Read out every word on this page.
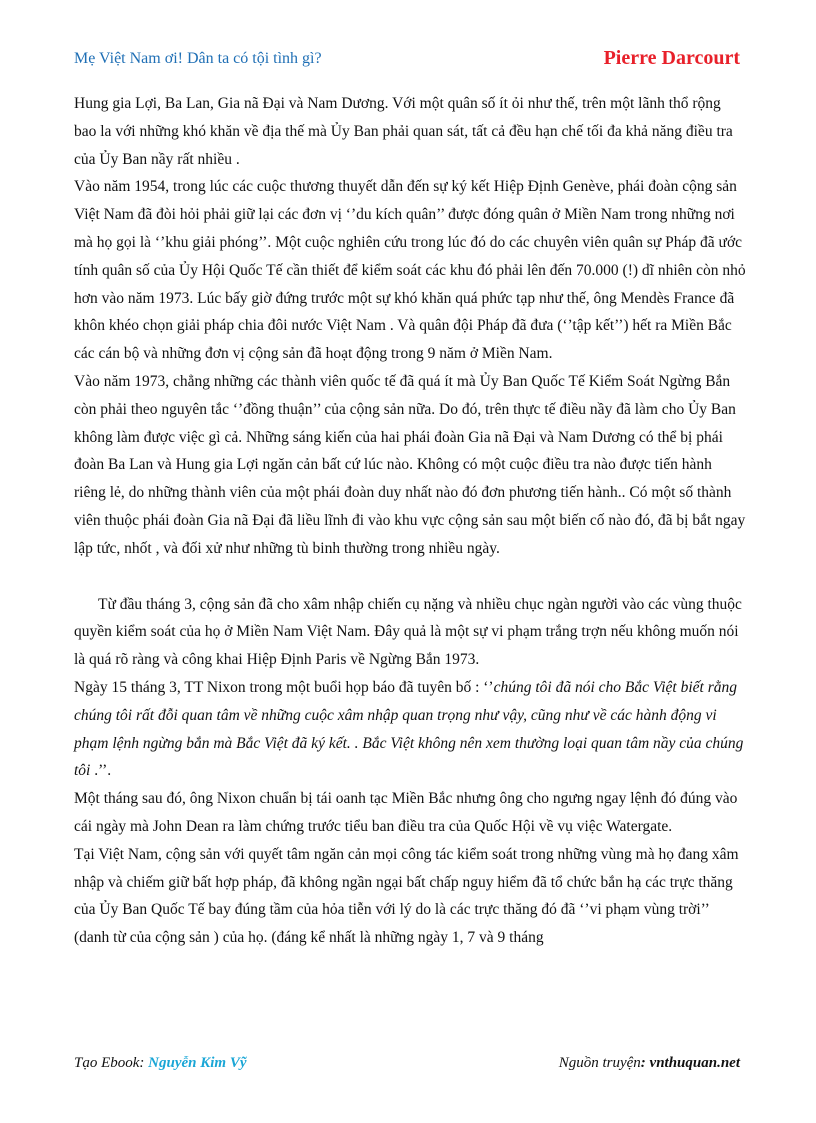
Mẹ Việt Nam ơi! Dân ta có tội tình gì?	Pierre Darcourt

Hung gia Lợi, Ba Lan, Gia nã Đại và Nam Dương. Với một quân số ít ỏi như thế, trên một lãnh thổ rộng bao la với những khó khăn về địa thế mà Ủy Ban phải quan sát, tất cả đều hạn chế tối đa khả năng điều tra của Ủy Ban nầy rất nhiều .

Vào năm 1954, trong lúc các cuộc thương thuyết dẫn đến sự ký kết Hiệp Định Genève, phái đoàn cộng sản Việt Nam đã đòi hỏi phải giữ lại các đơn vị ‘’du kích quân’’ được đóng quân ở Miền Nam trong những nơi mà họ gọi là ‘’khu giải phóng’’. Một cuộc nghiên cứu trong lúc đó do các chuyên viên quân sự Pháp đã ước tính quân số của Ủy Hội Quốc Tế cần thiết để kiểm soát các khu đó phải lên đến 70.000 (!) dĩ nhiên còn nhỏ hơn vào năm 1973. Lúc bấy giờ đứng trước một sự khó khăn quá phức tạp như thế, ông Mendès France đã khôn khéo chọn giải pháp chia đôi nước Việt Nam . Và quân đội Pháp đã đưa (‘’tập kết’’) hết ra Miền Bắc các cán bộ và những đơn vị cộng sản đã hoạt động trong 9 năm ở Miền Nam.

Vào năm 1973, chẳng những các thành viên quốc tế đã quá ít mà Ủy Ban Quốc Tế Kiểm Soát Ngừng Bắn còn phải theo nguyên tắc ‘’đồng thuận’’ của cộng sản nữa. Do đó, trên thực tế điều nầy đã làm cho Ủy Ban không làm được việc gì cả. Những sáng kiến của hai phái đoàn Gia nã Đại và Nam Dương có thể bị phái đoàn Ba Lan và Hung gia Lợi ngăn cản bất cứ lúc nào. Không có một cuộc điều tra nào được tiến hành riêng lẻ, do những thành viên của một phái đoàn duy nhất nào đó đơn phương tiến hành.. Có một số thành viên thuộc phái đoàn Gia nã Đại đã liều lĩnh đi vào khu vực cộng sản sau một biến cố nào đó, đã bị bắt ngay lập tức, nhốt , và đối xử như những tù binh thường trong nhiều ngày.

Từ đầu tháng 3, cộng sản đã cho xâm nhập chiến cụ nặng và nhiều chục ngàn người vào các vùng thuộc quyền kiểm soát của họ ở Miền Nam Việt Nam. Đây quả là một sự vi phạm trắng trợn nếu không muốn nói là quá rõ ràng và công khai Hiệp Định Paris về Ngừng Bắn 1973.

Ngày 15 tháng 3, TT Nixon trong một buổi họp báo đã tuyên bố : ‘’chúng tôi đã nói cho Bắc Việt biết rằng chúng tôi rất đỗi quan tâm về những cuộc xâm nhập quan trọng như vậy, cũng như về các hành động vi phạm lệnh ngừng bắn mà Bắc Việt đã ký kết. . Bắc Việt không nên xem thường loại quan tâm nầy của chúng tôi .’’.

Một tháng sau đó, ông Nixon chuẩn bị tái oanh tạc Miền Bắc nhưng ông cho ngưng ngay lệnh đó đúng vào cái ngày mà John Dean ra làm chứng trước tiểu ban điều tra của Quốc Hội về vụ việc Watergate.

Tại Việt Nam, cộng sản với quyết tâm ngăn cản mọi công tác kiểm soát trong những vùng mà họ đang xâm nhập và chiếm giữ bất hợp pháp, đã không ngần ngại bất chấp nguy hiểm đã tổ chức bắn hạ các trực thăng của Ủy Ban Quốc Tế bay đúng tầm của hỏa tiễn với lý do là các trực thăng đó đã ‘’vi phạm vùng trời’’ (danh từ của cộng sản ) của họ. (đáng kể nhất là những ngày 1, 7 và 9 tháng

Tạo Ebook: Nguyễn Kim Vỹ	Nguồn truyện: vnthuquan.net
